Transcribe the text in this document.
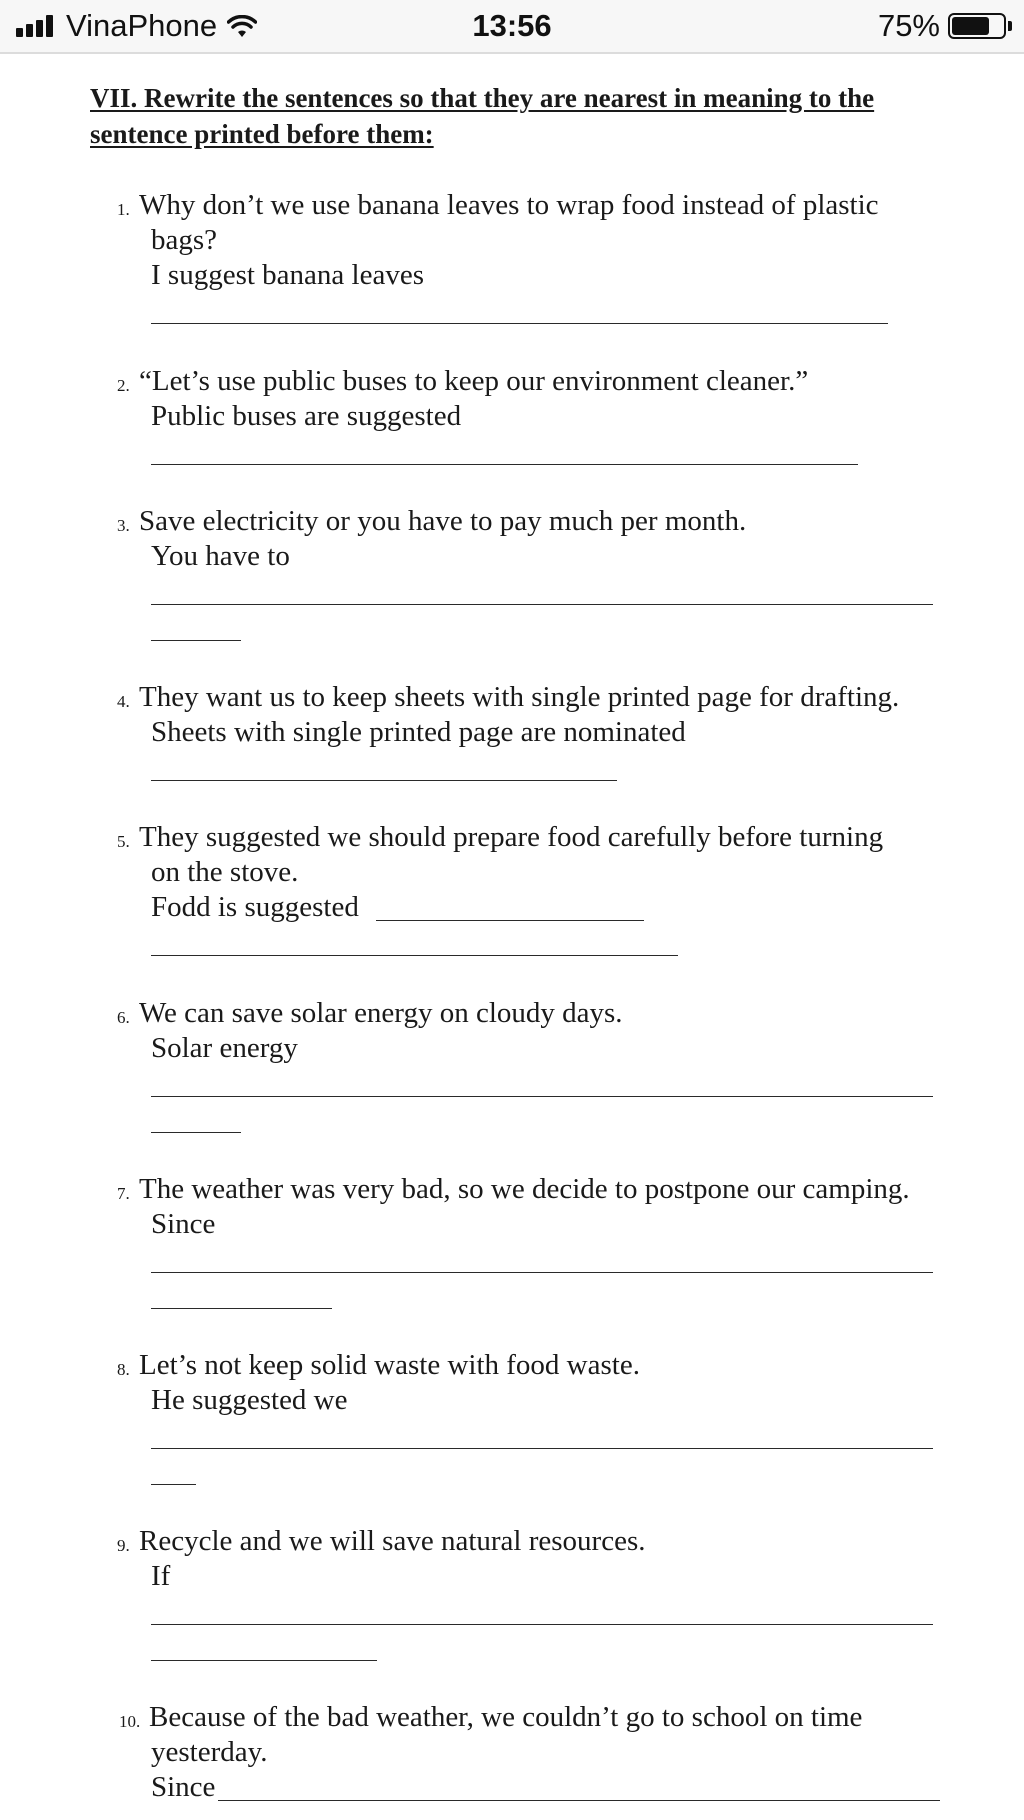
VinaPhone	13:56	75%
VII. Rewrite the sentences so that they are nearest in meaning to the sentence printed before them:
1. Why don’t we use banana leaves to wrap food instead of plastic
bags?
I suggest banana leaves
2. “Let’s use public buses to keep our environment cleaner.”
Public buses are suggested
3. Save electricity or you have to pay much per month.
You have to
4. They want us to keep sheets with single printed page for drafting.
Sheets with single printed page are nominated
5. They suggested we should prepare food carefully before turning
on the stove.
Fodd is suggested
6. We can save solar energy on cloudy days.
Solar energy
7. The weather was very bad, so we decide to postpone our camping.
Since
8. Let’s not keep solid waste with food waste.
He suggested we
9. Recycle and we will save natural resources.
If
10. Because of the bad weather, we couldn’t go to school on time
yesterday.
Since
